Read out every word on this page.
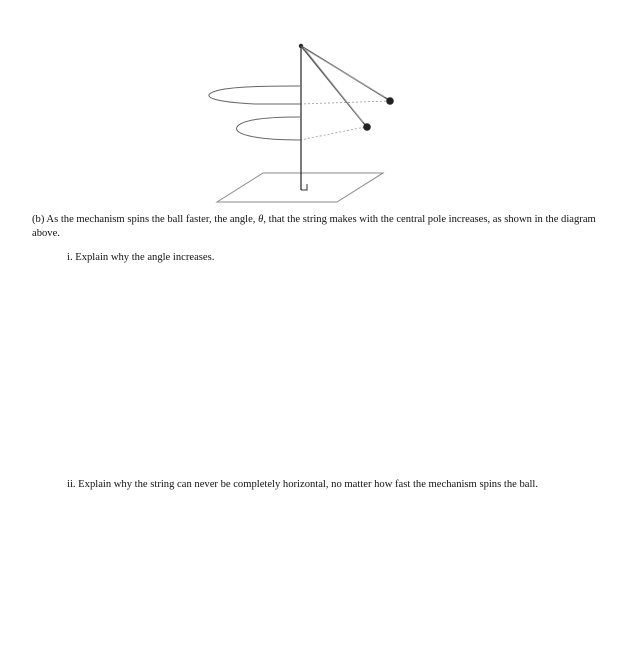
(b) As the mechanism spins the ball faster, the angle, θ, that the string makes with the central pole increases, as shown in the diagram above.

i. Explain why the angle increases.

ii. Explain why the string can never be completely horizontal, no matter how fast the mechanism spins the ball.
